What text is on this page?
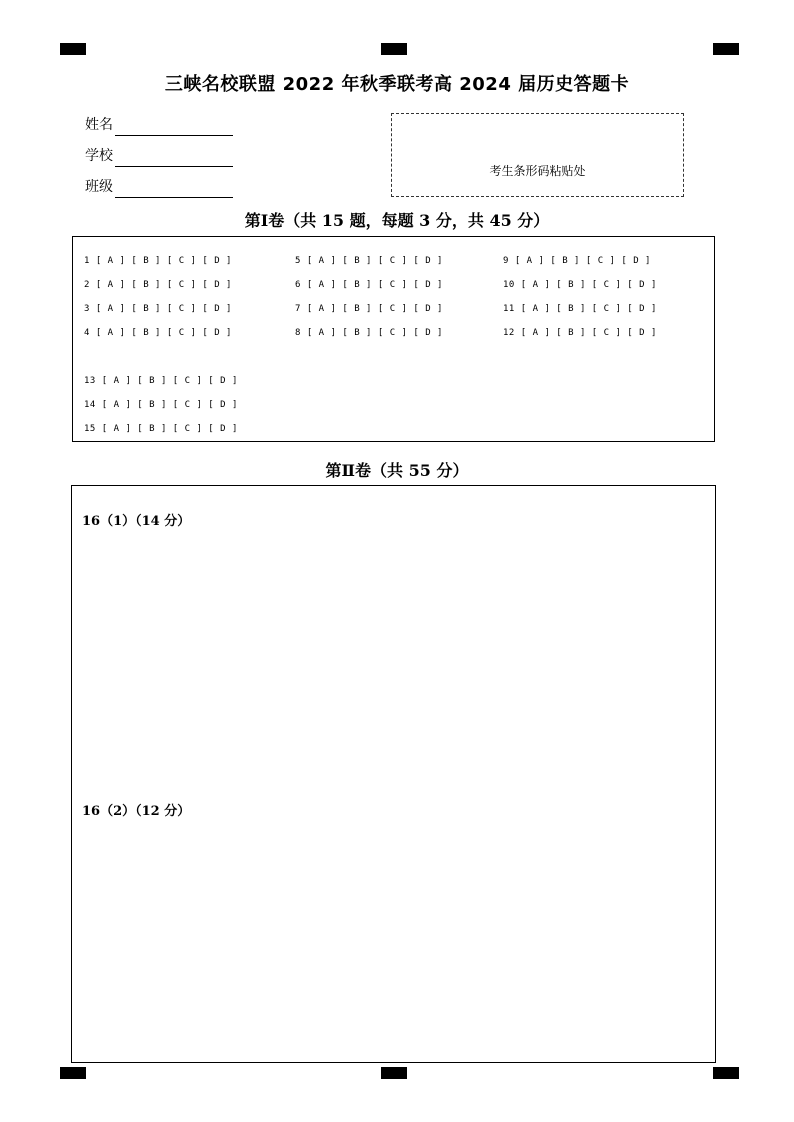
三峡名校联盟 2022 年秋季联考高 2024 届历史答题卡
姓名
学校
班级
考生条形码粘贴处
第Ⅰ卷（共 15 题，每题 3 分，共 45 分）
1 [ A ] [ B ] [ C ] [ D ]
2 [ A ] [ B ] [ C ] [ D ]
3 [ A ] [ B ] [ C ] [ D ]
4 [ A ] [ B ] [ C ] [ D ]
5 [ A ] [ B ] [ C ] [ D ]
6 [ A ] [ B ] [ C ] [ D ]
7 [ A ] [ B ] [ C ] [ D ]
8 [ A ] [ B ] [ C ] [ D ]
9 [ A ] [ B ] [ C ] [ D ]
10 [ A ] [ B ] [ C ] [ D ]
11 [ A ] [ B ] [ C ] [ D ]
12 [ A ] [ B ] [ C ] [ D ]
13 [ A ] [ B ] [ C ] [ D ]
14 [ A ] [ B ] [ C ] [ D ]
15 [ A ] [ B ] [ C ] [ D ]
第Ⅱ卷（共 55 分）
16（1）（14 分）
16（2）（12 分）
